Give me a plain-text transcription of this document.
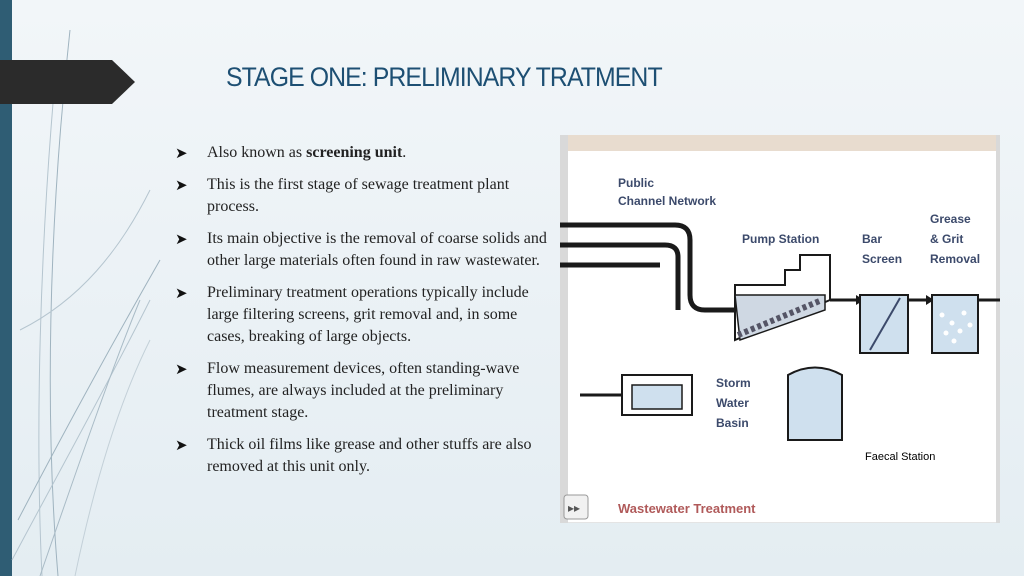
STAGE ONE: PRELIMINARY TRATMENT
➤ Also known as screening unit.
➤ This is the first stage of sewage treatment plant process.
➤ Its main objective is the removal of coarse solids and other large materials often found in raw wastewater.
➤ Preliminary treatment operations typically include large filtering screens, grit removal and, in some cases, breaking of large objects.
➤ Flow measurement devices, often standing-wave flumes, are always included at the preliminary treatment stage.
➤ Thick oil films like grease and other stuffs are also removed at this unit only.
Public
Channel Network
Pump Station	Bar
Screen
Grease
& Grit
Removal
Storm
Water
Basin
Faecal Station
Wastewater Treatment
▸▸
